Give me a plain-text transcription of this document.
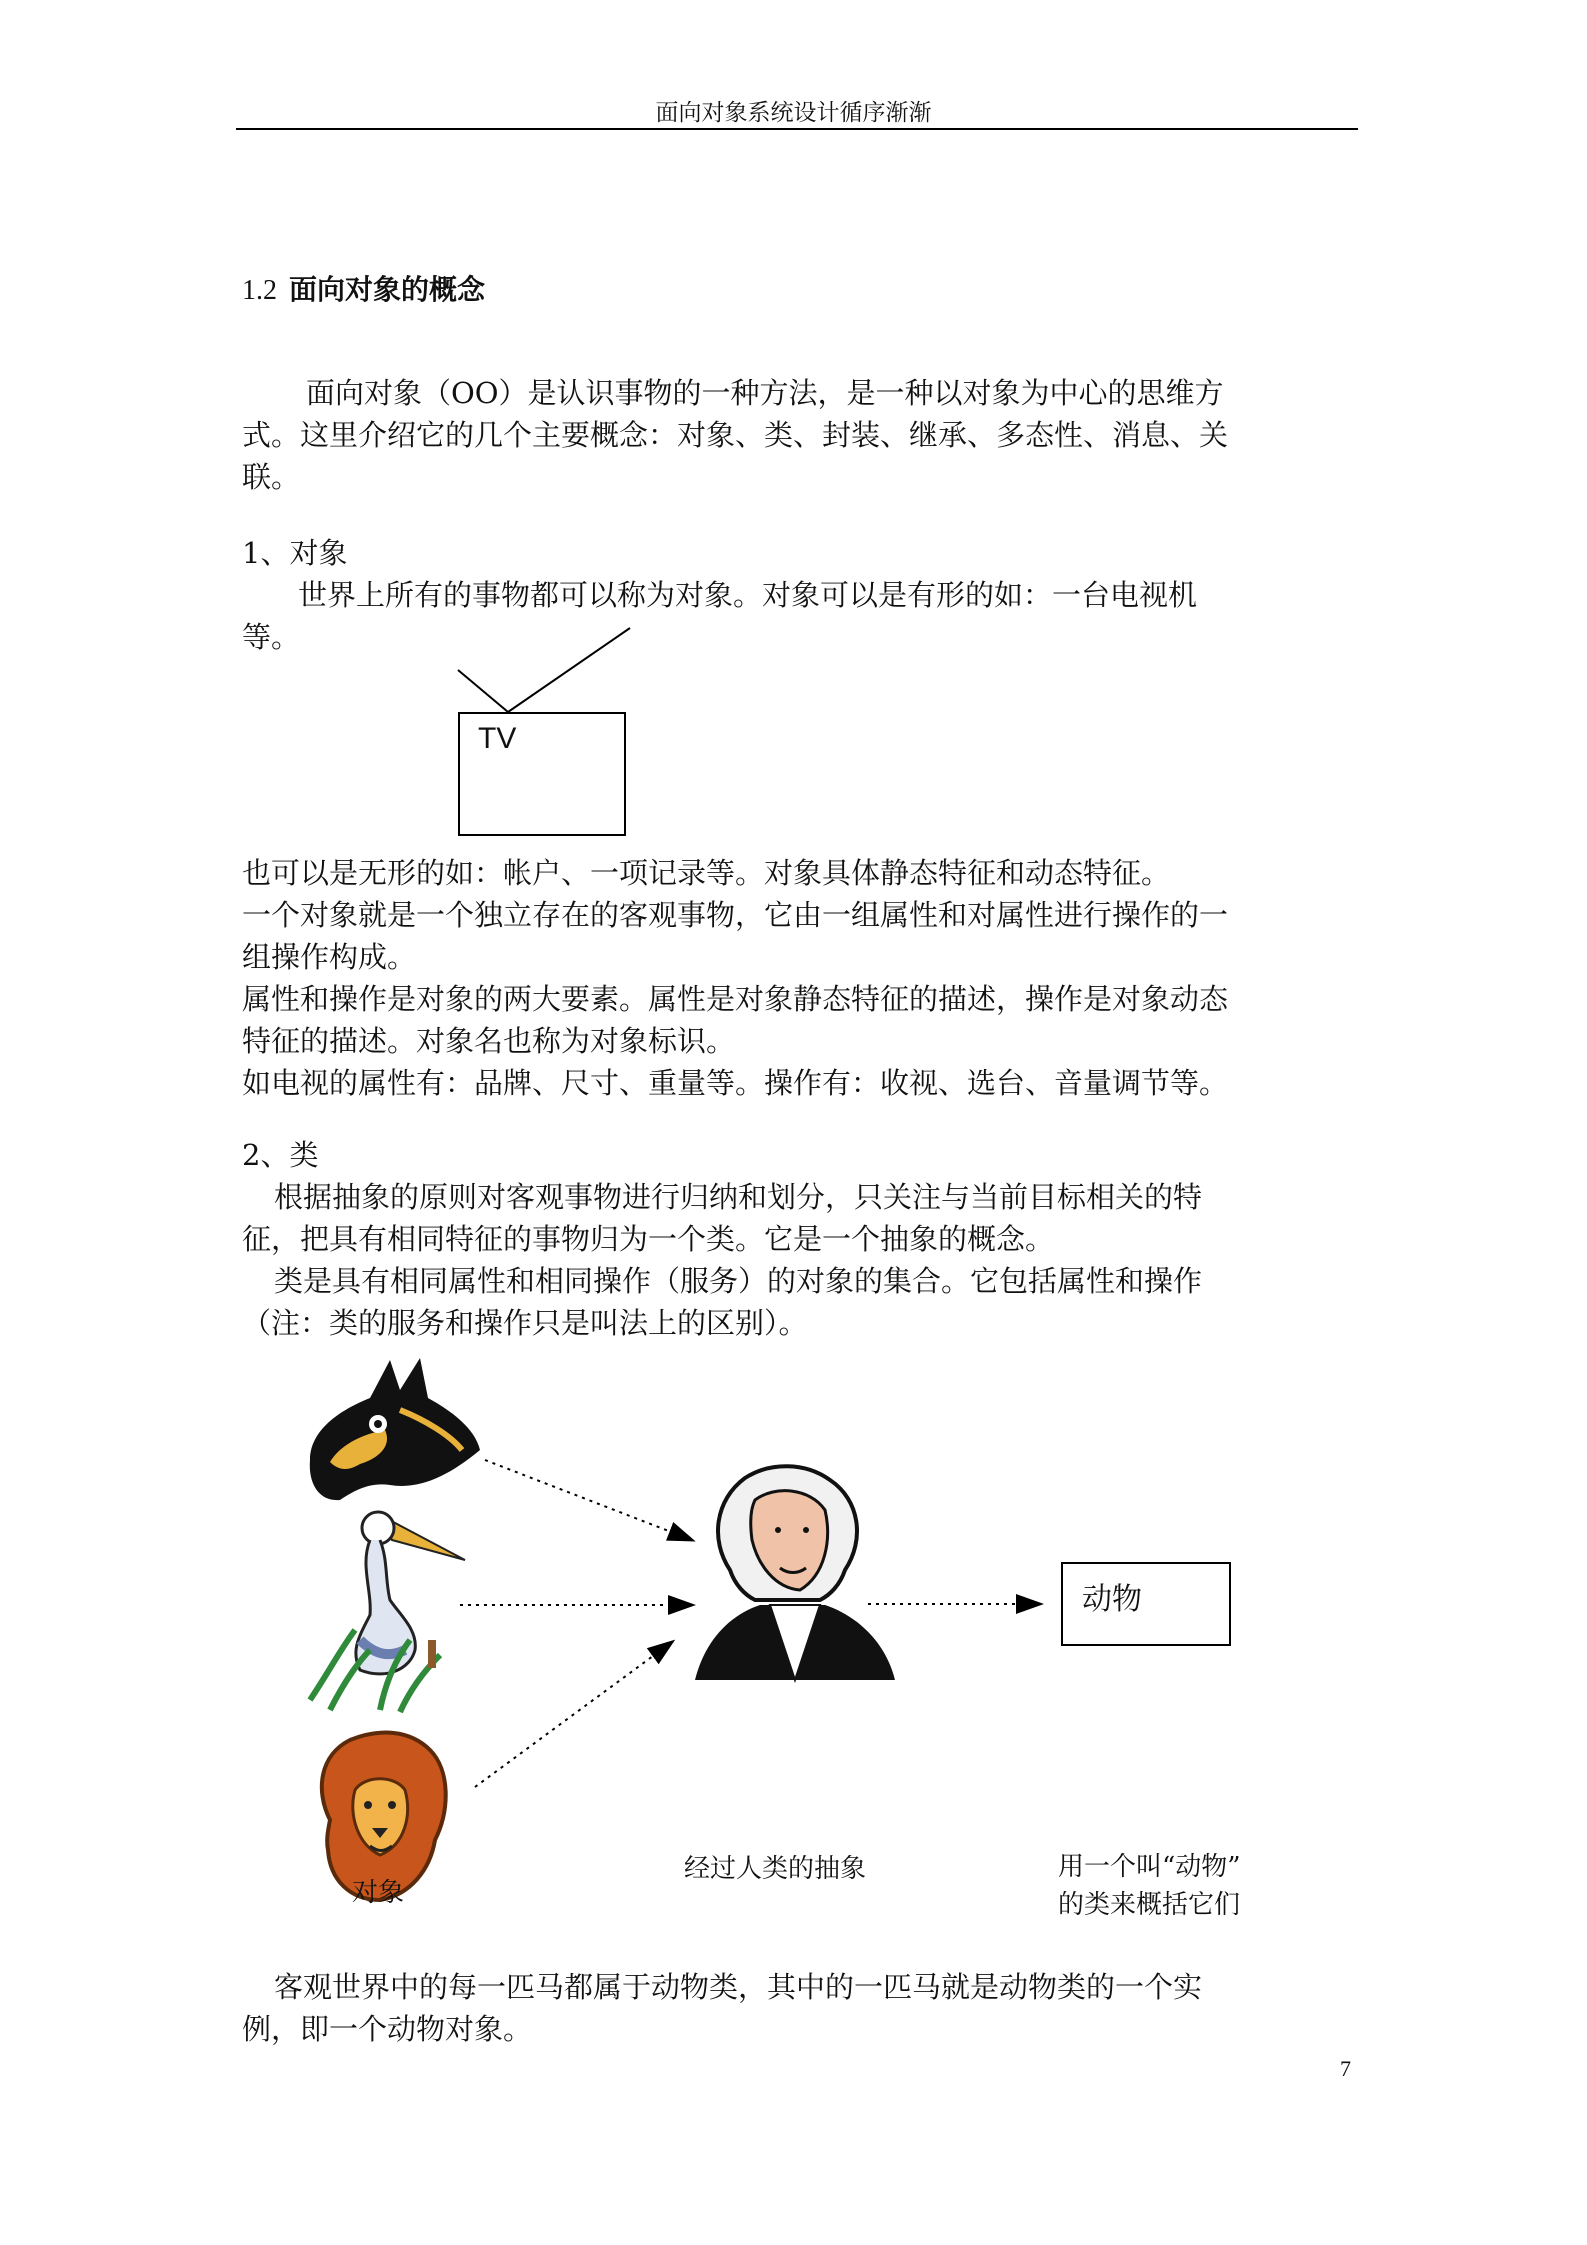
面向对象系统设计循序渐渐
1.2 面向对象的概念
面向对象（OO）是认识事物的一种方法，是一种以对象为中心的思维方
式。这里介绍它的几个主要概念：对象、类、封装、继承、多态性、消息、关
联。
1、对象
世界上所有的事物都可以称为对象。对象可以是有形的如：一台电视机
等。
TV
也可以是无形的如：帐户、一项记录等。对象具体静态特征和动态特征。
一个对象就是一个独立存在的客观事物，它由一组属性和对属性进行操作的一
组操作构成。
属性和操作是对象的两大要素。属性是对象静态特征的描述，操作是对象动态
特征的描述。对象名也称为对象标识。
如电视的属性有：品牌、尺寸、重量等。操作有：收视、选台、音量调节等。
2、类
根据抽象的原则对客观事物进行归纳和划分，只关注与当前目标相关的特
征，把具有相同特征的事物归为一个类。它是一个抽象的概念。
类是具有相同属性和相同操作（服务）的对象的集合。它包括属性和操作
（注：类的服务和操作只是叫法上的区别）。
动物
对象
经过人类的抽象	用一个叫“动物”
的类来概括它们
客观世界中的每一匹马都属于动物类，其中的一匹马就是动物类的一个实
例，即一个动物对象。
7
